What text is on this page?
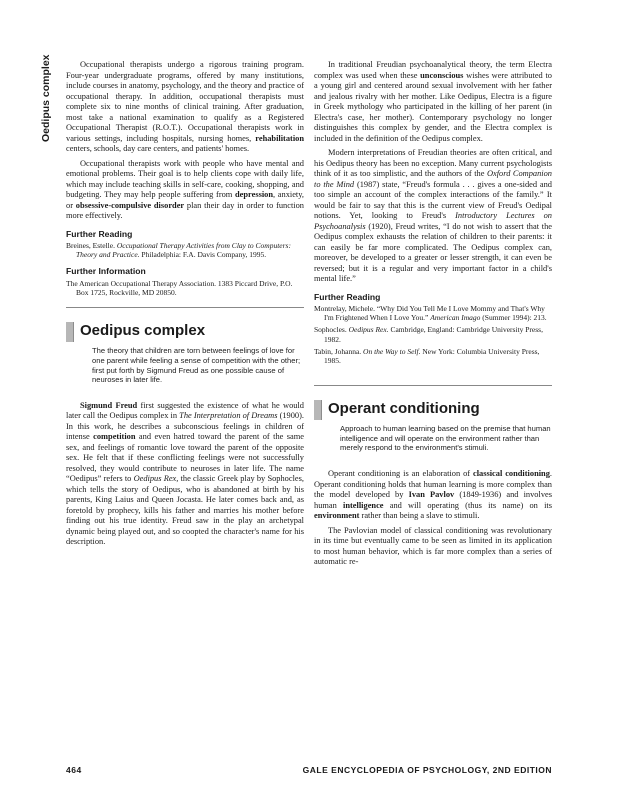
Oedipus complex	Occupational therapists undergo a rigorous training program. Four-year undergraduate programs, offered by many institutions, include courses in anatomy, psychology, and the theory and practice of occupational therapy. In addition, occupational therapists must complete six to nine months of clinical training. After graduation, most take a national examination to qualify as a Registered Occupational Therapist (R.O.T.). Occupational therapists work in various settings, including hospitals, nursing homes, rehabilitation centers, schools, day care centers, and patients' homes.

Occupational therapists work with people who have mental and emotional problems. Their goal is to help clients cope with daily life, which may include teaching skills in self-care, cooking, shopping, and budgeting. They may help people suffering from depression, anxiety, or obsessive-compulsive disorder plan their day in order to function more effectively.

Further Reading

Breines, Estelle. Occupational Therapy Activities from Clay to Computers: Theory and Practice. Philadelphia: F.A. Davis Company, 1995.

Further Information

The American Occupational Therapy Association. 1383 Piccard Drive, P.O. Box 1725, Rockville, MD 20850.

Oedipus complex
The theory that children are torn between feelings of love for one parent while feeling a sense of competition with the other; first put forth by Sigmund Freud as one possible cause of neuroses in later life.

Sigmund Freud first suggested the existence of what he would later call the Oedipus complex in The Interpretation of Dreams (1900). In this work, he describes a subconscious feelings in children of intense competition and even hatred toward the parent of the same sex, and feelings of romantic love toward the parent of the opposite sex. He felt that if these conflicting feelings were not successfully resolved, they would contribute to neuroses in later life. The name “Oedipus” refers to Oedipus Rex, the classic Greek play by Sophocles, which tells the story of Oedipus, who is abandoned at birth by his parents, King Laius and Queen Jocasta. He later comes back and, as foretold by prophecy, kills his father and marries his mother before finding out his true identity. Freud saw in the play an archetypal dynamic being played out, and so coopted the character's name for his description.

In traditional Freudian psychoanalytical theory, the term Electra complex was used when these unconscious wishes were attributed to a young girl and centered around sexual involvement with her father and jealous rivalry with her mother. Like Oedipus, Electra is a figure in Greek mythology who participated in the killing of her parent (in Electra's case, her mother). Contemporary psychology no longer distinguishes this complex by gender, and the Electra complex is included in the definition of the Oedipus complex.

Modern interpretations of Freudian theories are often critical, and his Oedipus theory has been no exception. Many current psychologists think of it as too simplistic, and the authors of the Oxford Companion to the Mind (1987) state, “Freud's formula . . . gives a one-sided and too simple an account of the complex interactions of the family.” It would be fair to say that this is the current view of Freud's Oedipal notions. Yet, looking to Freud's Introductory Lectures on Psychoanalysis (1920), Freud writes, “I do not wish to assert that the Oedipus complex exhausts the relation of children to their parents: it can easily be far more complicated. The Oedipus complex can, moreover, be developed to a greater or lesser strength, it can even be reversed; but it is a regular and very important factor in a child's mental life.”

Further Reading

Montrelay, Michele. “Why Did You Tell Me I Love Mommy and That's Why I'm Frightened When I Love You.” American Imago (Summer 1994): 213.

Sophocles. Oedipus Rex. Cambridge, England: Cambridge University Press, 1982.

Tabin, Johanna. On the Way to Self. New York: Columbia University Press, 1985.

Operant conditioning
Approach to human learning based on the premise that human intelligence and will operate on the environment rather than merely respond to the environment's stimuli.

Operant conditioning is an elaboration of classical conditioning. Operant conditioning holds that human learning is more complex than the model developed by Ivan Pavlov (1849-1936) and involves human intelligence and will operating (thus its name) on its environment rather than being a slave to stimuli.

The Pavlovian model of classical conditioning was revolutionary in its time but eventually came to be seen as limited in its application to most human behavior, which is far more complex than a series of automatic re-

464	GALE ENCYCLOPEDIA OF PSYCHOLOGY, 2ND EDITION
